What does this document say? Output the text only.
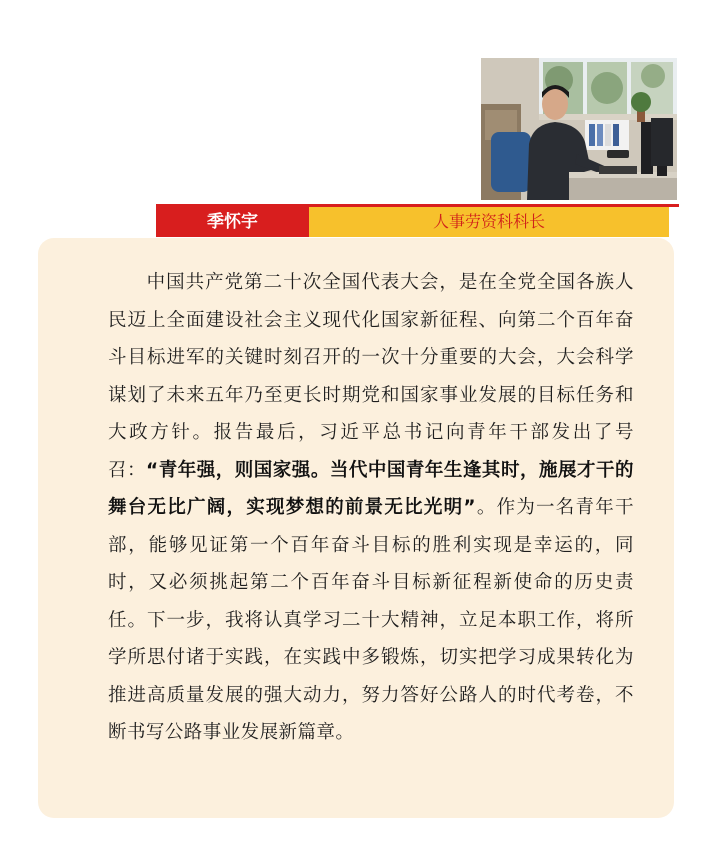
季怀宇	人事劳资科科长

中国共产党第二十次全国代表大会，是在全党全国各族人民迈上全面建设社会主义现代化国家新征程、向第二个百年奋斗目标进军的关键时刻召开的一次十分重要的大会，大会科学谋划了未来五年乃至更长时期党和国家事业发展的目标任务和大政方针。报告最后，习近平总书记向青年干部发出了号召：“青年强，则国家强。当代中国青年生逢其时，施展才干的舞台无比广阔，实现梦想的前景无比光明”。作为一名青年干部，能够见证第一个百年奋斗目标的胜利实现是幸运的，同时，又必须挑起第二个百年奋斗目标新征程新使命的历史责任。下一步，我将认真学习二十大精神，立足本职工作，将所学所思付诸于实践，在实践中多锻炼，切实把学习成果转化为推进高质量发展的强大动力，努力答好公路人的时代考卷，不断书写公路事业发展新篇章。
